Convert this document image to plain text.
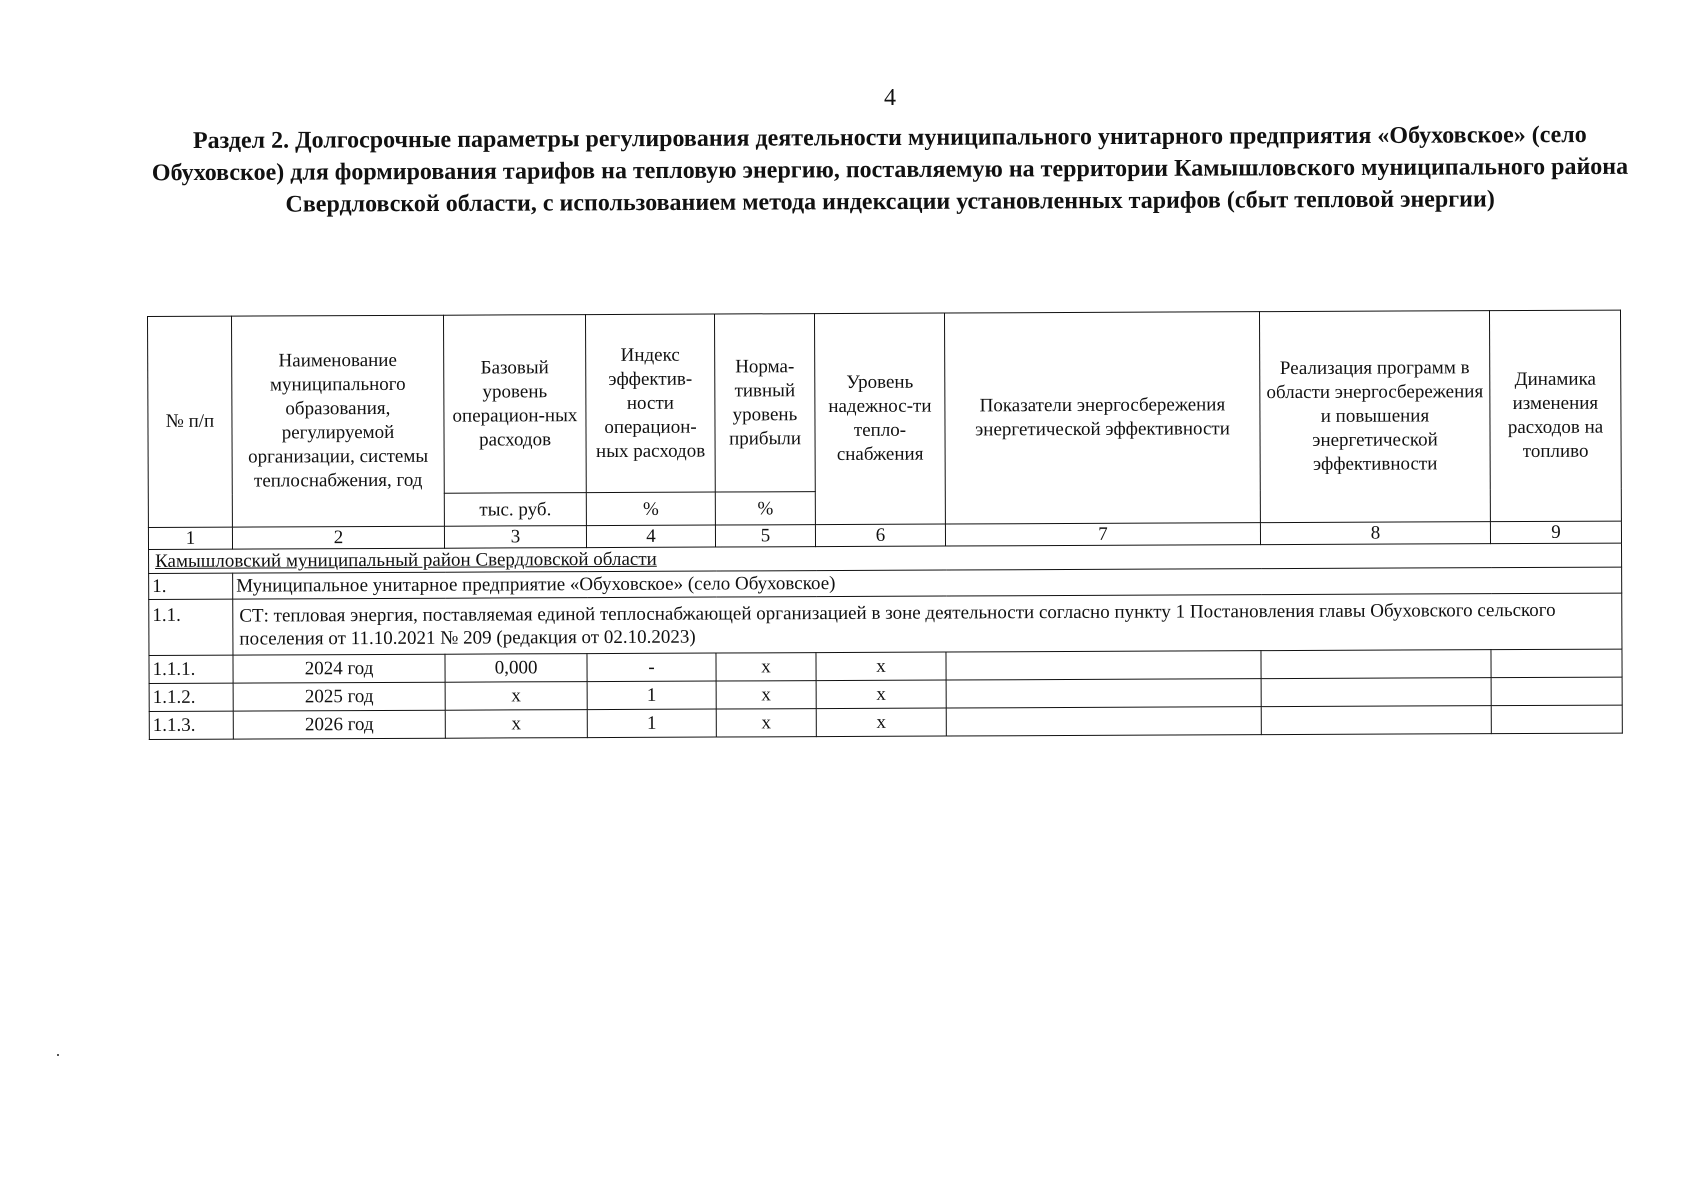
4
Раздел 2. Долгосрочные параметры регулирования деятельности муниципального унитарного предприятия «Обуховское» (село Обуховское) для формирования тарифов на тепловую энергию, поставляемую на территории Камышловского муниципального района Свердловской области, с использованием метода индексации установленных тарифов (сбыт тепловой энергии)
№ п/п	Наименование муниципального образования, регулируемой организации, системы теплоснабжения, год	Базовый уровень операцион-ных расходов	Индекс эффектив-ности операцион-ных расходов	Норма-тивный уровень прибыли	Уровень надежнос-ти тепло-снабжения	Показатели энергосбережения энергетической эффективности	Реализация программ в области энергосбережения и повышения энергетической эффективности	Динамика изменения расходов на топливо
		тыс. руб.	%	%				
1	2	3	4	5	6	7	8	9
Камышловский муниципальный район Свердловской области								
1.	Муниципальное унитарное предприятие «Обуховское» (село Обуховское)							
1.1.	СТ: тепловая энергия, поставляемая единой теплоснабжающей организацией в зоне деятельности согласно пункту 1 Постановления главы Обуховского сельского поселения от 11.10.2021 № 209 (редакция от 02.10.2023)							
1.1.1.	2024 год	0,000	-	x	x			
1.1.2.	2025 год	x	1	x	x			
1.1.3.	2026 год	x	1	x	x			
